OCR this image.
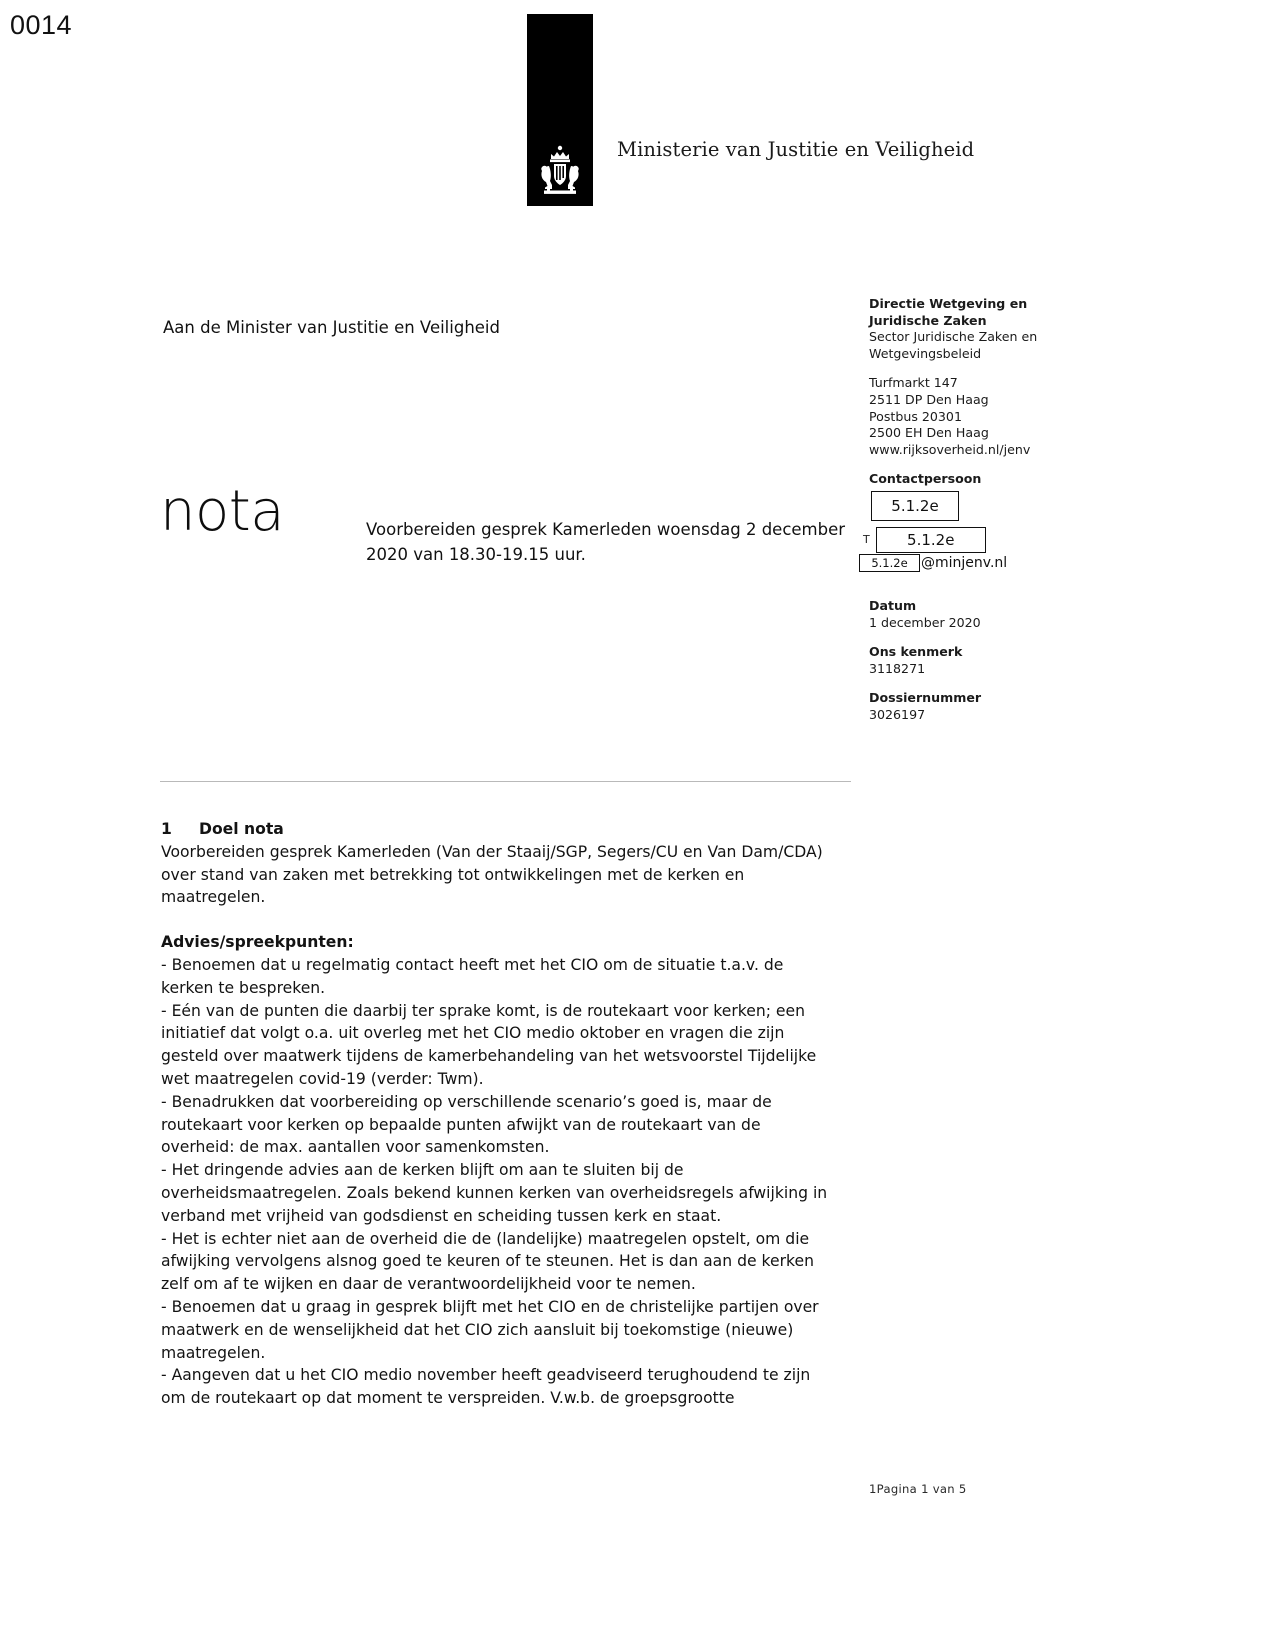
0014
Ministerie van Justitie en Veiligheid
Aan de Minister van Justitie en Veiligheid
nota	Voorbereiden gesprek Kamerleden woensdag 2 december 2020 van 18.30-19.15 uur.
Directie Wetgeving en
Juridische Zaken
Sector Juridische Zaken en
Wetgevingsbeleid
Turfmarkt 147
2511 DP Den Haag
Postbus 20301
2500 EH Den Haag
www.rijksoverheid.nl/jenv
Contactpersoon
5.1.2e
T	5.1.2e
5.1.2e @minjenv.nl
Datum
1 december 2020
Ons kenmerk
3118271
Dossiernummer
3026197
1 Doel nota

Voorbereiden gesprek Kamerleden (Van der Staaij/SGP, Segers/CU en Van Dam/CDA) over stand van zaken met betrekking tot ontwikkelingen met de kerken en maatregelen.

Advies/spreekpunten:

- Benoemen dat u regelmatig contact heeft met het CIO om de situatie t.a.v. de kerken te bespreken.

- Eén van de punten die daarbij ter sprake komt, is de routekaart voor kerken; een initiatief dat volgt o.a. uit overleg met het CIO medio oktober en vragen die zijn gesteld over maatwerk tijdens de kamerbehandeling van het wetsvoorstel Tijdelijke wet maatregelen covid-19 (verder: Twm).

- Benadrukken dat voorbereiding op verschillende scenario’s goed is, maar de routekaart voor kerken op bepaalde punten afwijkt van de routekaart van de overheid: de max. aantallen voor samenkomsten.

- Het dringende advies aan de kerken blijft om aan te sluiten bij de overheidsmaatregelen. Zoals bekend kunnen kerken van overheidsregels afwijking in verband met vrijheid van godsdienst en scheiding tussen kerk en staat.

- Het is echter niet aan de overheid die de (landelijke) maatregelen opstelt, om die afwijking vervolgens alsnog goed te keuren of te steunen. Het is dan aan de kerken zelf om af te wijken en daar de verantwoordelijkheid voor te nemen.

- Benoemen dat u graag in gesprek blijft met het CIO en de christelijke partijen over maatwerk en de wenselijkheid dat het CIO zich aansluit bij toekomstige (nieuwe) maatregelen.

- Aangeven dat u het CIO medio november heeft geadviseerd terughoudend te zijn om de routekaart op dat moment te verspreiden. V.w.b. de groepsgrootte

1Pagina 1 van 5
